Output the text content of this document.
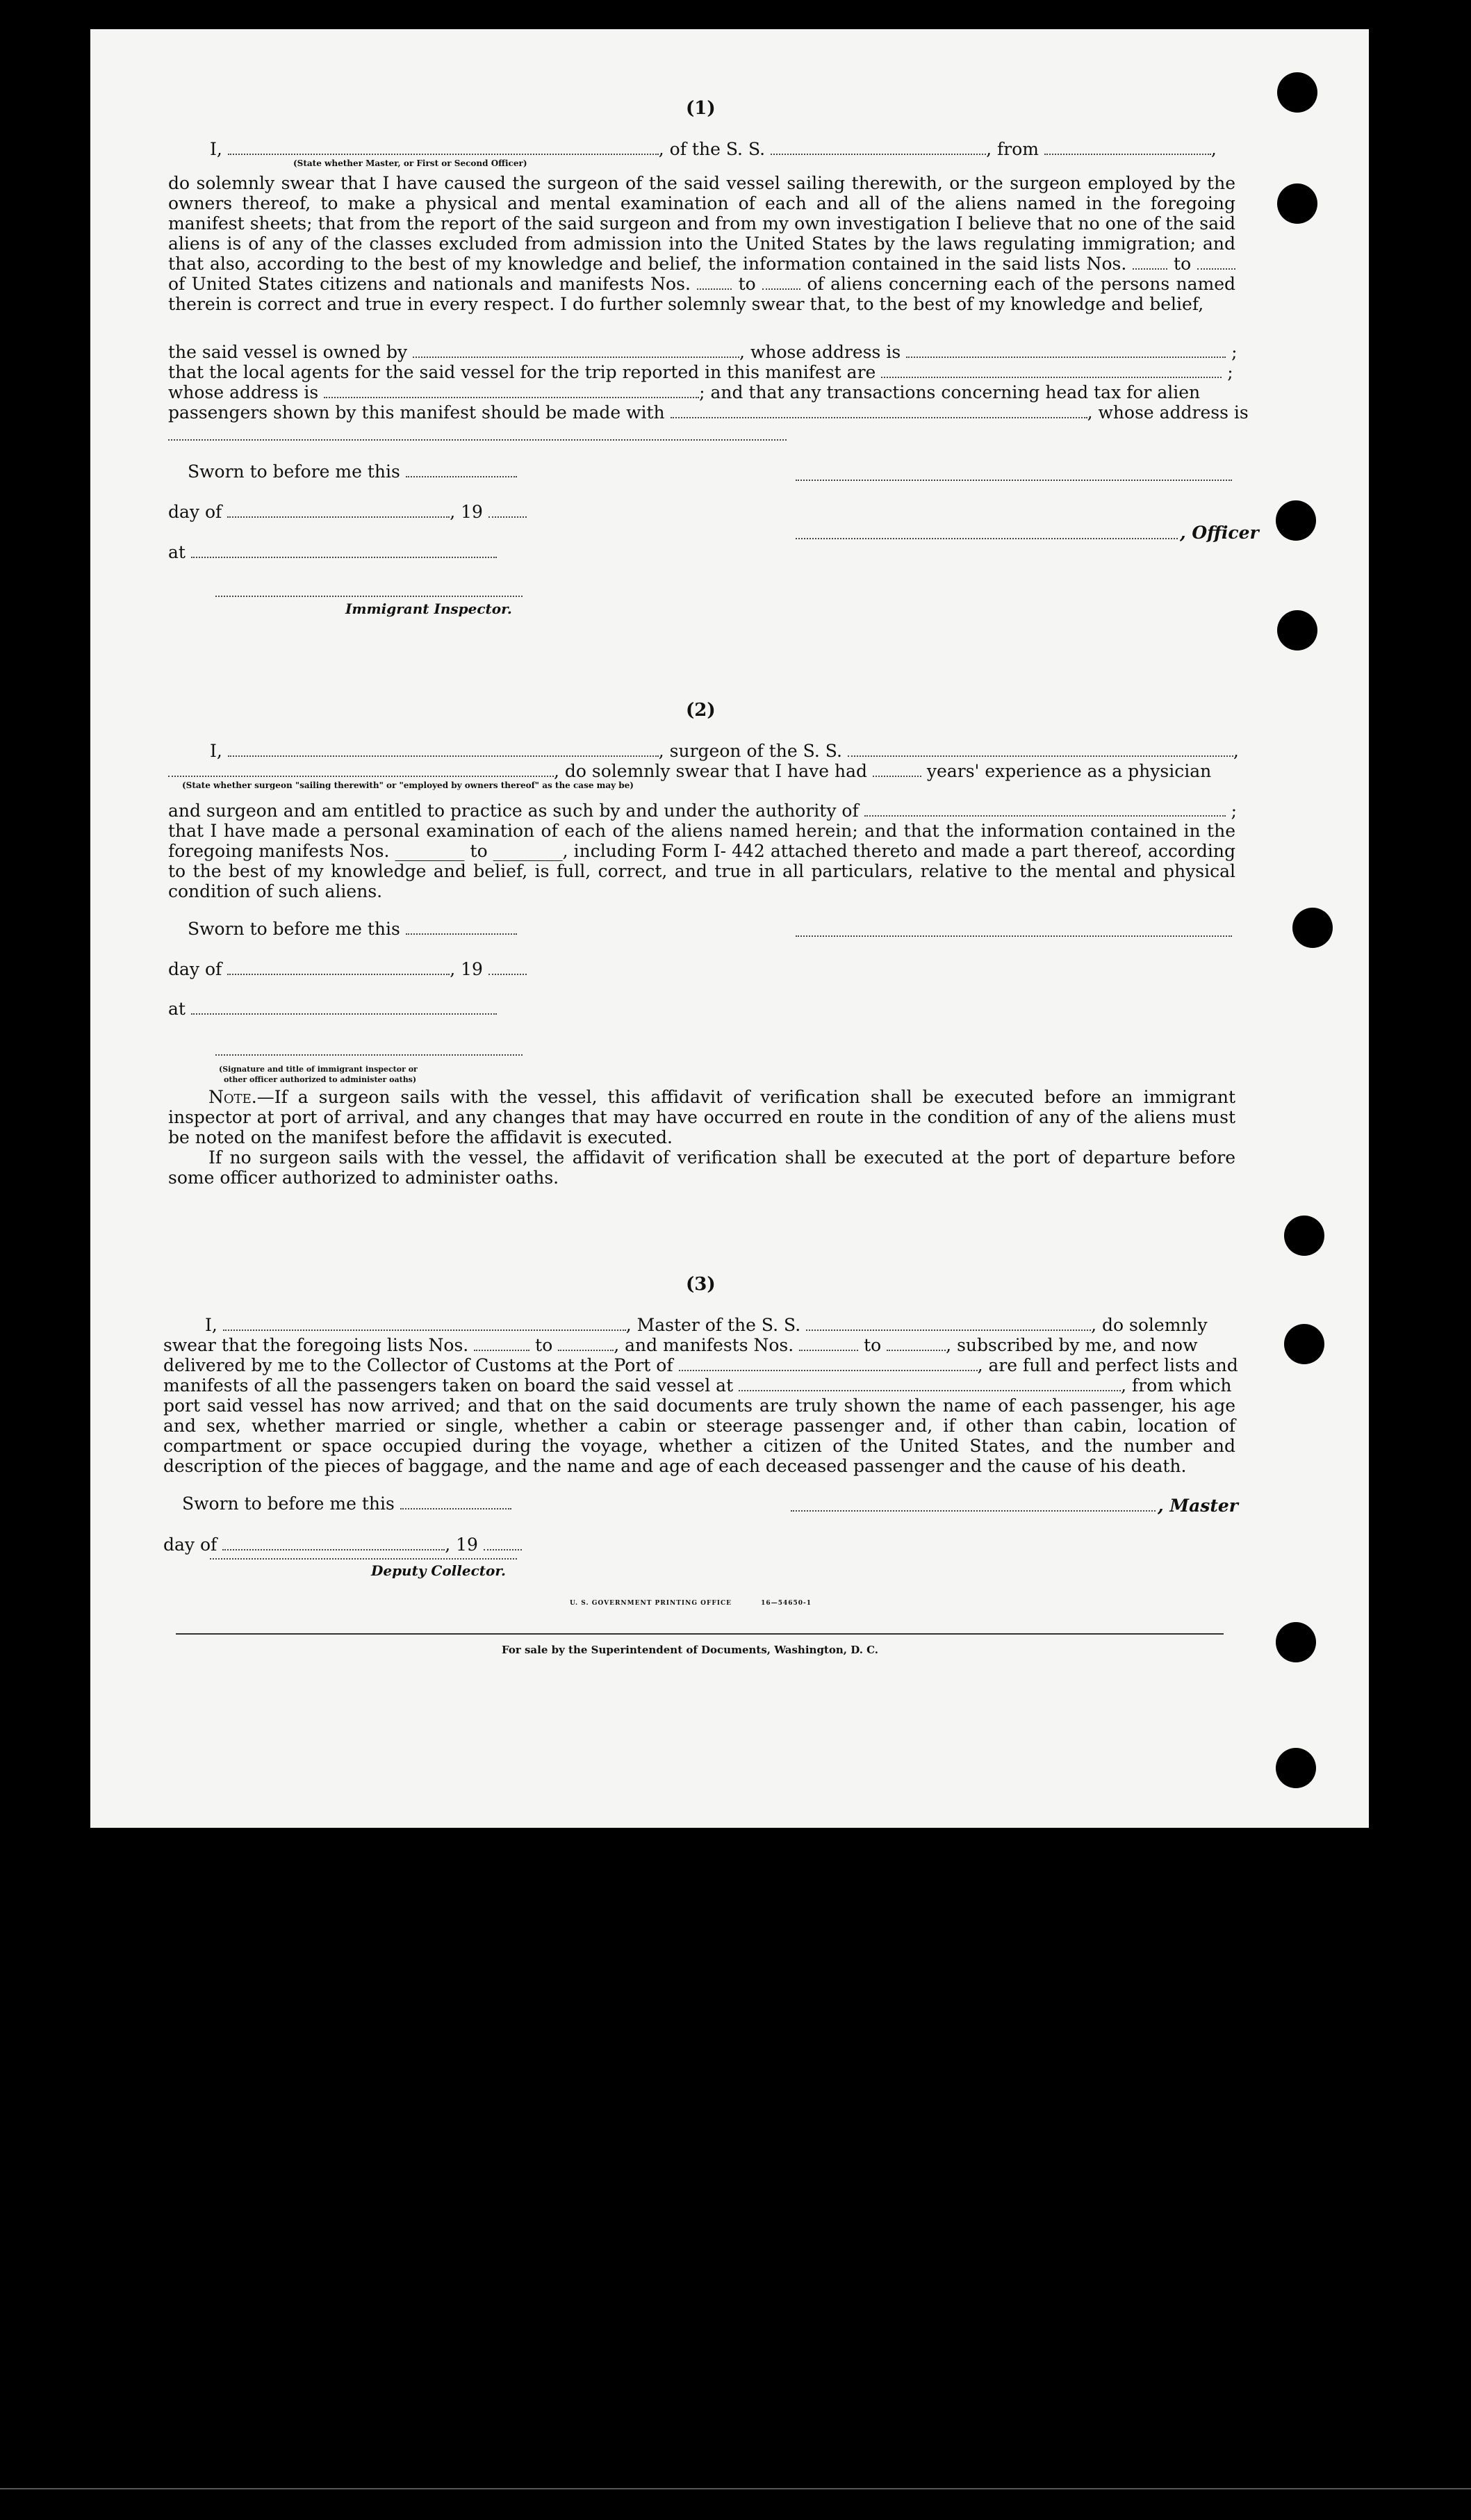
(1)
I,	, of the S. S.	, from	,
(State whether Master, or First or Second Officer)
do solemnly swear that I have caused the surgeon of the said vessel sailing therewith, or the surgeon employed by the owners thereof, to make a physical and mental examination of each and all of the aliens named in the foregoing manifest sheets; that from the report of the said surgeon and from my own investigation I believe that no one of the said aliens is of any of the classes excluded from admission into the United States by the laws regulating immigration; and that also, according to the best of my knowledge and belief, the information contained in the said lists Nos.	to  of United States citizens and nationals and manifests Nos.	to	of aliens concerning each of the persons named therein is correct and true in every respect. I do further solemnly swear that, to the best of my knowledge and belief,
the said vessel is owned by	, whose address is	;
that the local agents for the said vessel for the trip reported in this manifest are	;
whose address is	; and that any transactions concerning head tax for alien
passengers shown by this manifest should be made with	, whose address is
Sworn to before me this
day of	, 19
, Officer
at
Immigrant Inspector.
(2)
I,	, surgeon of the S. S.	,
, do solemnly swear that I have had	years' experience as a physician
(State whether surgeon "sailing therewith" or "employed by owners thereof" as the case may be)
and surgeon and am entitled to practice as such by and under the authority of	;
that I have made a personal examination of each of the aliens named herein; and that the information contained in the foregoing manifests Nos. ________ to ________, including Form I- 442 attached thereto and made a part thereof, according to the best of my knowledge and belief, is full, correct, and true in all particulars, relative to the mental and physical condition of such aliens.
Sworn to before me this
day of	, 19
at
(Signature and title of immigrant inspector or
other officer authorized to administer oaths)
Note.—If a surgeon sails with the vessel, this affidavit of verification shall be executed before an immigrant inspector at port of arrival, and any changes that may have occurred en route in the condition of any of the aliens must be noted on the manifest before the affidavit is executed.
If no surgeon sails with the vessel, the affidavit of verification shall be executed at the port of departure before some officer authorized to administer oaths.
(3)
I,	, Master of the S. S.	, do solemnly
swear that the foregoing lists Nos.	to	, and manifests Nos.	to	, subscribed by me, and now
delivered by me to the Collector of Customs at the Port of	, are full and perfect lists and
manifests of all the passengers taken on board the said vessel at	, from which
port said vessel has now arrived; and that on the said documents are truly shown the name of each passenger, his age and sex, whether married or single, whether a cabin or steerage passenger and, if other than cabin, location of compartment or space occupied during the voyage, whether a citizen of the United States, and the number and description of the pieces of baggage, and the name and age of each deceased passenger and the cause of his death.
Sworn to before me this	, Master
day of	, 19
Deputy Collector.
U. S. GOVERNMENT PRINTING OFFICE	16—54650-1
For sale by the Superintendent of Documents, Washington, D. C.
